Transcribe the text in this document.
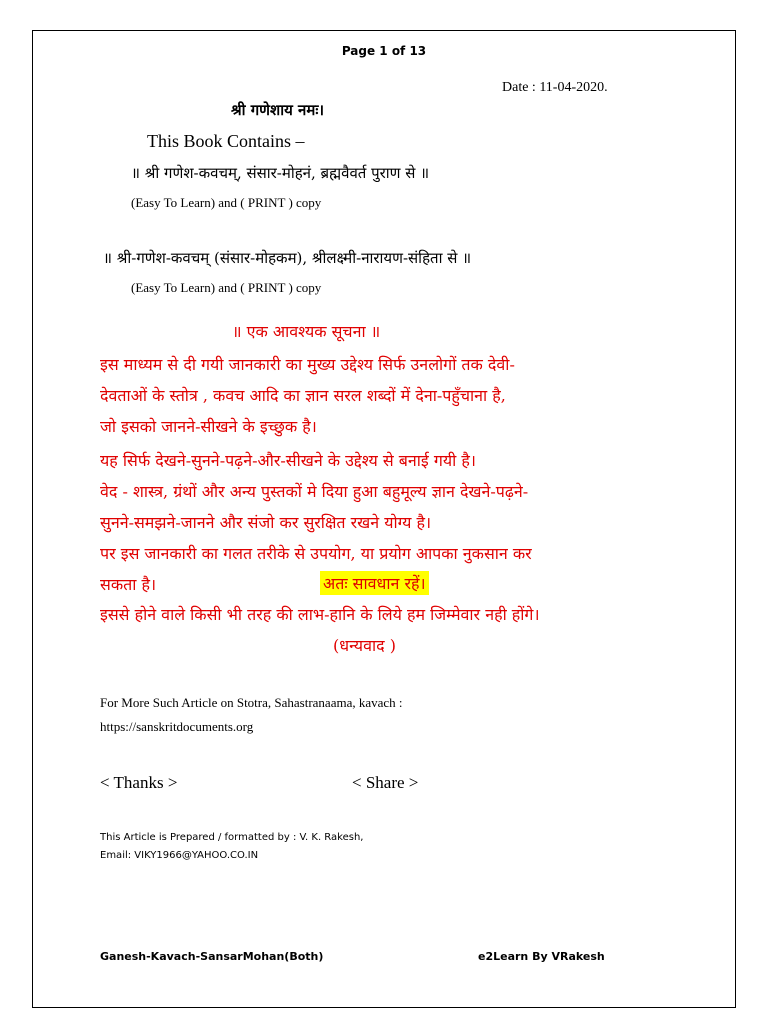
Page 1 of 13
Date : 11-04-2020.
श्री गणेशाय नमः।
This Book Contains –
॥ श्री गणेश-कवचम्, संसार-मोहनं, ब्रह्मवैवर्त पुराण से ॥
(Easy To Learn) and ( PRINT ) copy
॥ श्री-गणेश-कवचम् (संसार-मोहकम), श्रीलक्ष्मी-नारायण-संहिता से ॥
(Easy To Learn) and ( PRINT ) copy
॥ एक आवश्यक सूचना ॥
इस माध्यम से दी गयी जानकारी का मुख्य उद्देश्य सिर्फ उनलोगों तक देवी-
देवताओं के स्तोत्र , कवच आदि का ज्ञान सरल शब्दों में देना-पहुँचाना है,
जो इसको जानने-सीखने के इच्छुक है।
यह सिर्फ देखने-सुनने-पढ़ने-और-सीखने के उद्देश्य से बनाई गयी है।
वेद - शास्त्र, ग्रंथों और अन्य पुस्तकों मे दिया हुआ बहुमूल्य ज्ञान देखने-पढ़ने-
सुनने-समझने-जानने और संजो कर सुरक्षित रखने योग्य है।
पर इस जानकारी का गलत तरीके से उपयोग, या प्रयोग आपका नुकसान कर
सकता है।	अतः सावधान रहें।
इससे होने वाले किसी भी तरह की लाभ-हानि के लिये हम जिम्मेवार नही होंगे।
(धन्यवाद )
For More Such Article on Stotra, Sahastranaama, kavach :
https://sanskritdocuments.org
< Thanks >	< Share >
This Article is Prepared / formatted by : V. K. Rakesh,
Email: VIKY1966@YAHOO.CO.IN
Ganesh-Kavach-SansarMohan(Both)	e2Learn By VRakesh
